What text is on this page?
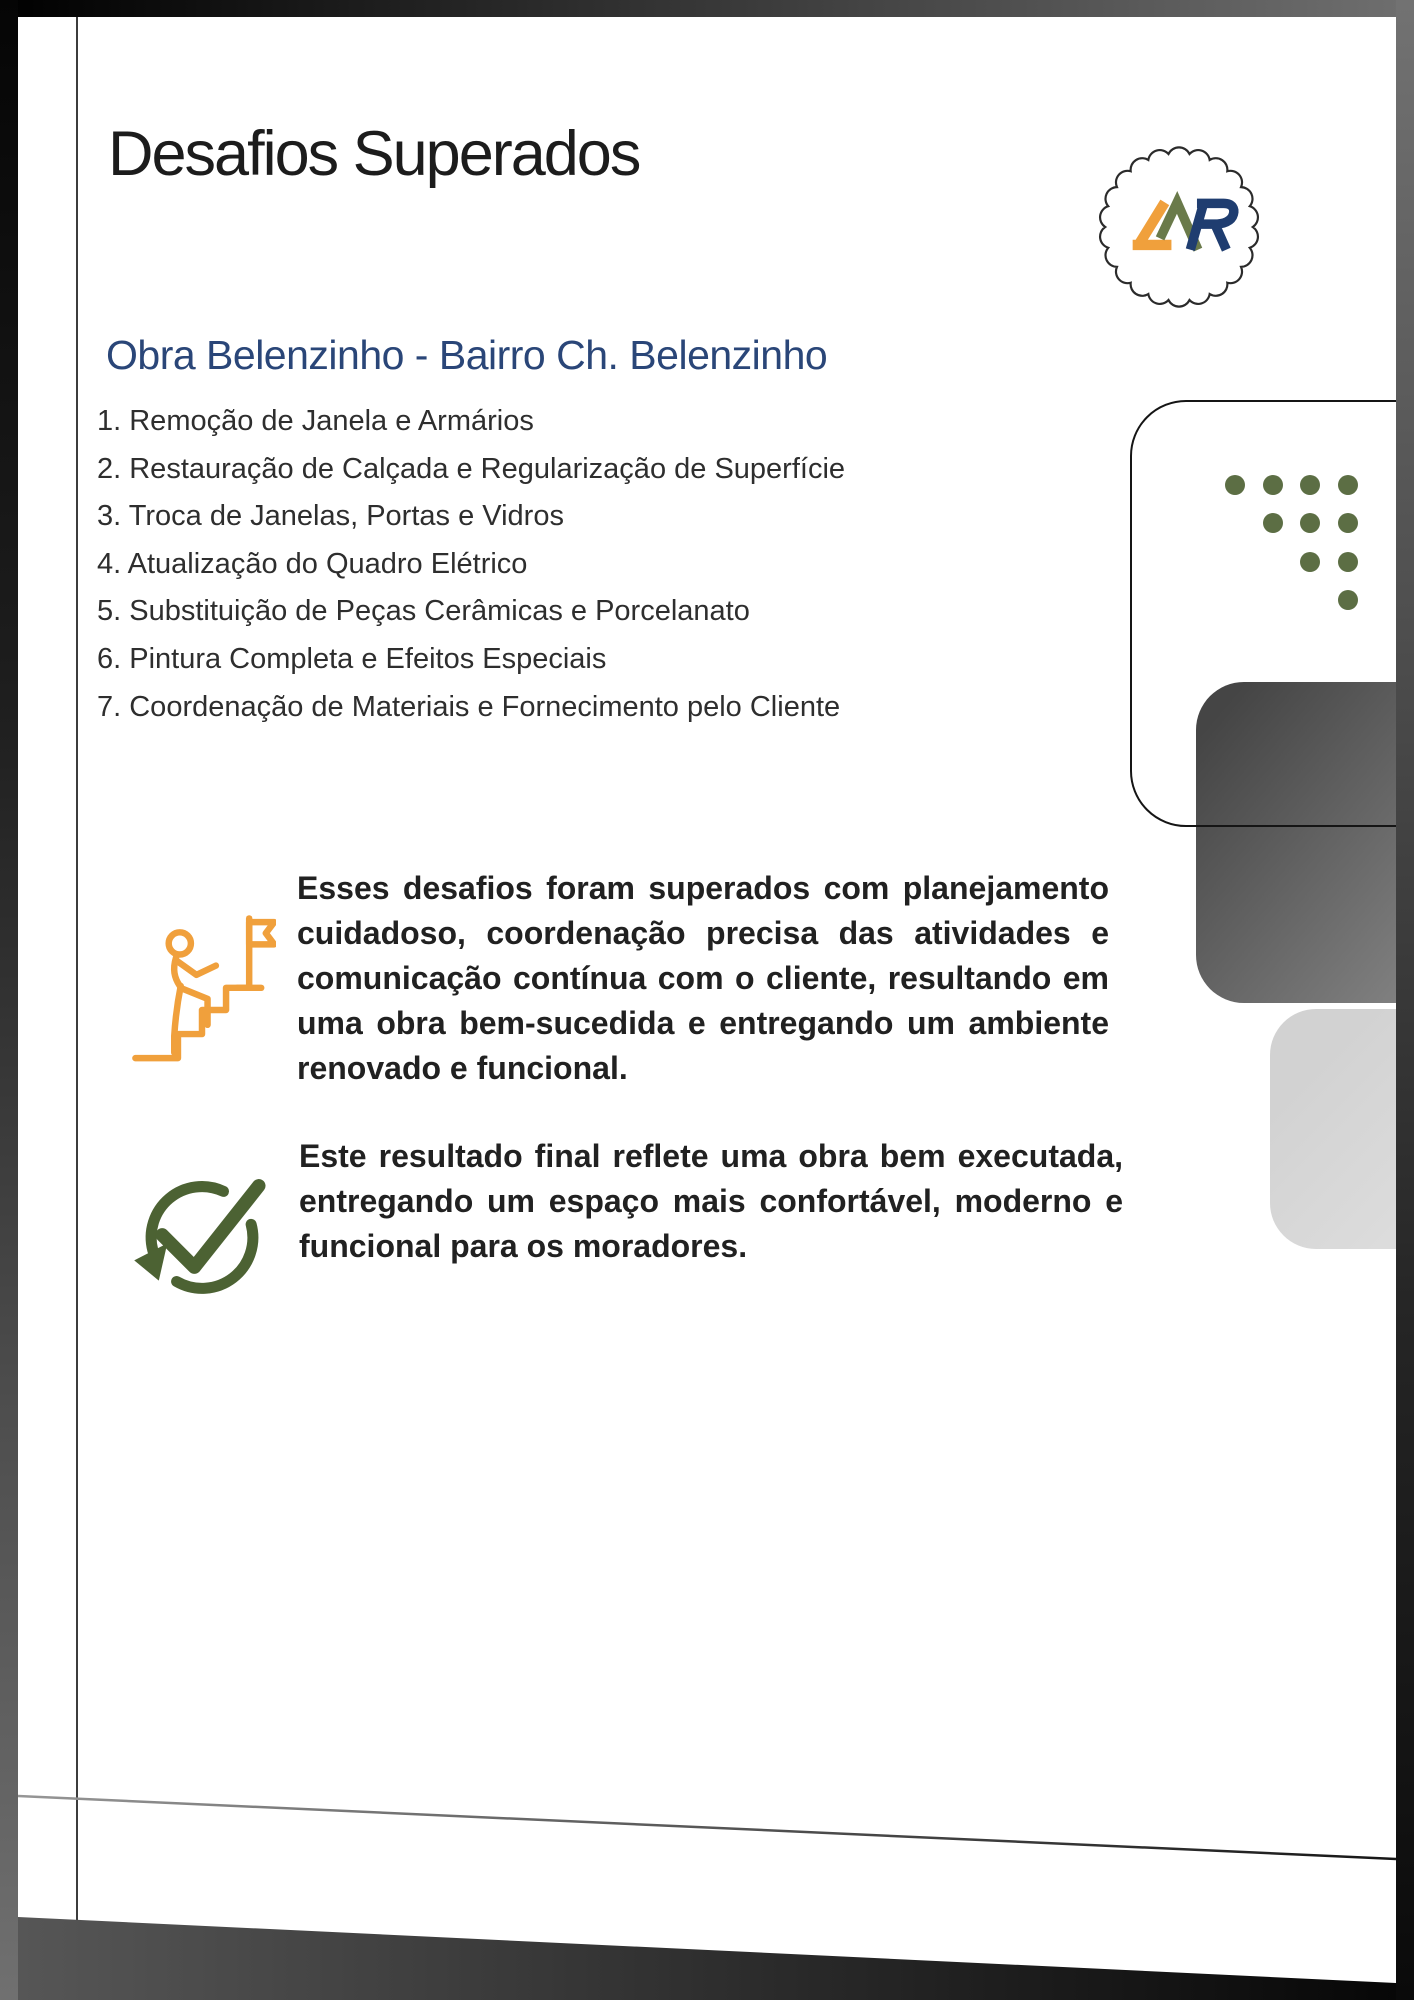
Desafios Superados
Obra Belenzinho - Bairro Ch. Belenzinho
1. Remoção de Janela e Armários
2. Restauração de Calçada e Regularização de Superfície
3. Troca de Janelas, Portas e Vidros
4. Atualização do Quadro Elétrico
5. Substituição de Peças Cerâmicas e Porcelanato
6. Pintura Completa e Efeitos Especiais
7. Coordenação de Materiais e Fornecimento pelo Cliente
Esses desafios foram superados com planejamento cuidadoso, coordenação precisa das atividades e comunicação contínua com o cliente, resultando em uma obra bem-sucedida e entregando um ambiente renovado e funcional.
Este resultado final reflete uma obra bem executada, entregando um espaço mais confortável, moderno e funcional para os moradores.
